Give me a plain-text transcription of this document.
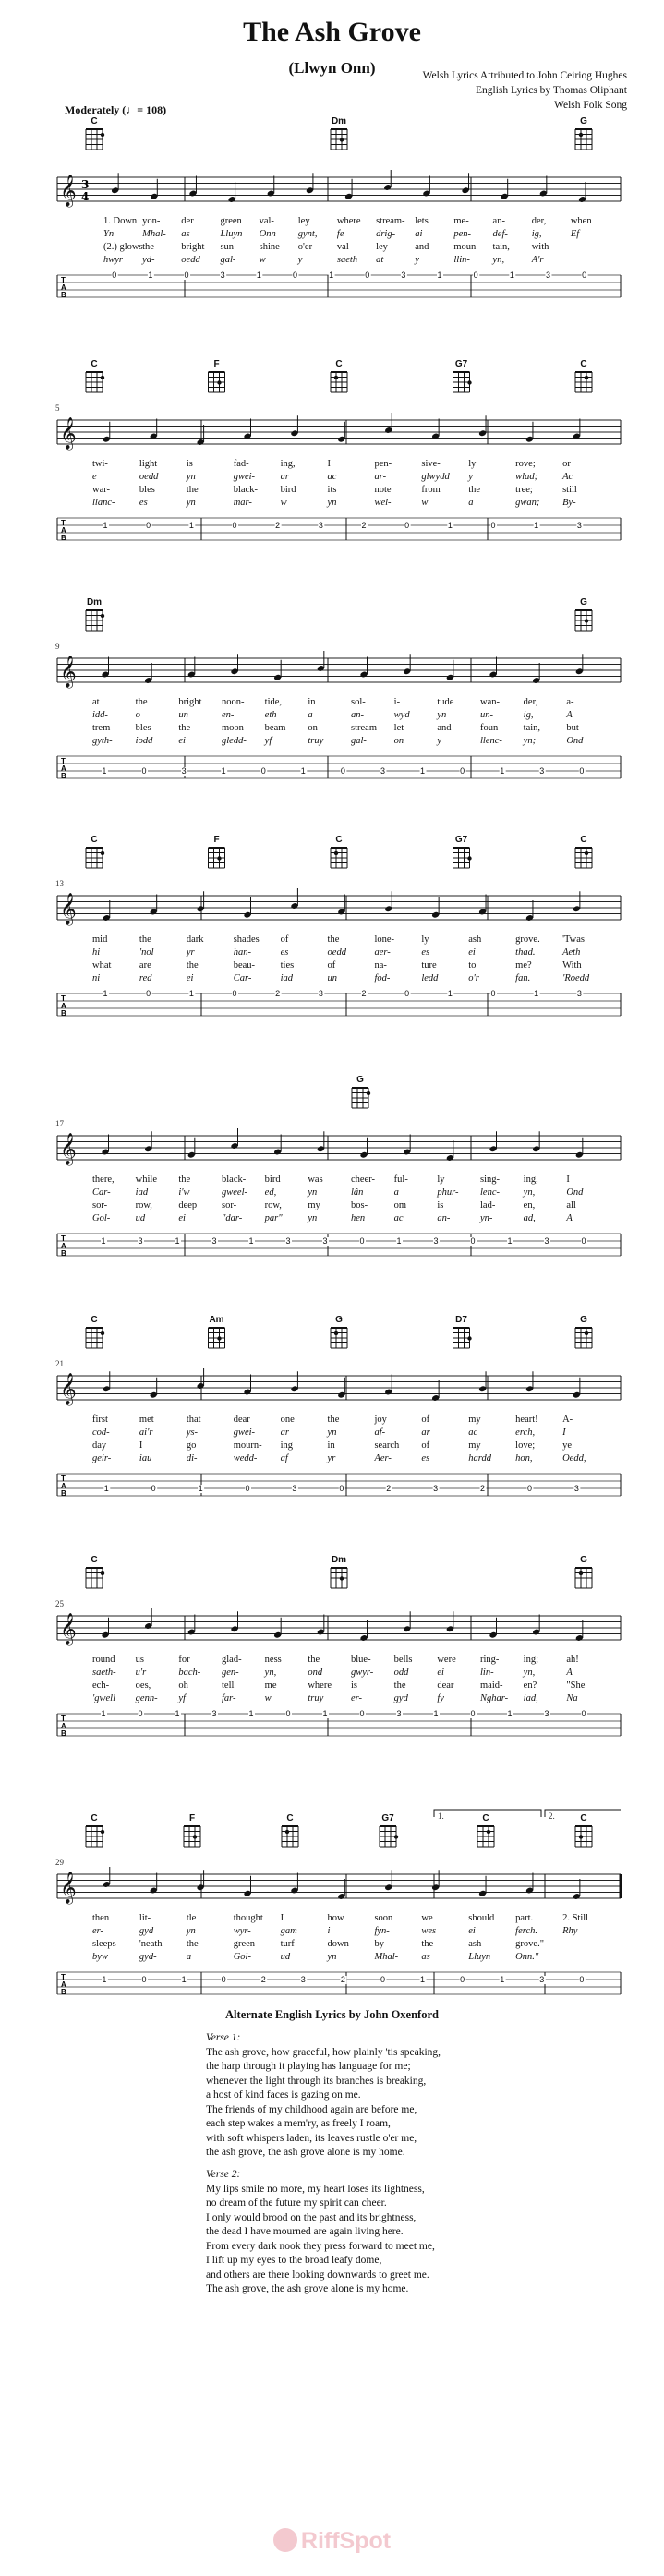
The Ash Grove
(Llwyn Onn)	Welsh Lyrics Attributed to John Ceiriog Hughes
English Lyrics by Thomas Oliphant
Welsh Folk Song
Moderately (♩= 108)
C	Dm	G
𝄞 3
4
1. Down yon- der	green val- ley	where stream- lets	me- an-	der,	when
Yn	Mhal- as	Lluyn Onn gynt, fe	drig- ai	pen- def- ig,	Ef
(2.) glows the	bright sun- shine o'er	val- ley	and	moun- tain, with
hwyr yd-	oedd gal- w	y	saeth at	y	llin- yn,	A'r
T
A
B
0	1	0	3	1	0	1	0	3	1	0	1	3	0
5
C	F	C	G7	C
𝄞
twi-	light	is	fad-	ing,	I	pen-	sive-	ly	rove;	or
e	oedd	yn	gwei-	ar	ac	ar-	glwydd y	wlad;	Ac
war-	bles	the	black- bird	its	note	from	the	tree;	still
llanc-	es	yn	mar-	w	yn	wel-	w	a	gwan; By-
T
A
B
1	0	1	0	2	3	2	0	1	0	1	3
9
Dm	G
𝄞
at	the	bright noon- tide,	in	sol-	i-	tude	wan- der,	a-
idd-	o	un	en-	eth	a	an-	wyd	yn	un-	ig,	A
trem- bles	the	moon- beam on	stream- let	and	foun- tain,	but
gyth- iodd	ei	gledd- yf	truy	gal-	on	y	llenc- yn;	Ond
T
A
B
1	0	3	1	0	1	0	3	1	0	1	3	0
13
C	F	C	G7	C
𝄞
mid	the	dark	shades of	the	lone-	ly	ash	grove. 'Twas
hi	'nol	yr	han-	es	oedd	aer-	es	ei	thad.	Aeth
what	are	the	beau-	ties	of	na-	ture	to	me?	With
ni	red	ei	Car-	iad	un	fod-	ledd	o'r	fan.	'Roedd
T
A
B
1	0	1	0	2	3	2	0	1	0	1	3
17
G
𝄞
there, while the	black- bird	was	cheer- ful-	ly	sing- ing,	I
Car-	iad	i'w	gweel- ed,	yn	lân	a	phur- lenc- yn,	Ond
sor-	row,	deep	sor-	row,	my	bos-	om	is	lad-	en,	all
Gol-	ud	ei	"dar- par"	yn	hen	ac	an-	yn-	ad,	A
T
A
B
1	3	1	3	1	3	3	0	1	3	0	1	3	0
21
C	Am	G	D7	G
𝄞
first	met	that	dear	one	the	joy	of	my	heart!	A-
cod-	ai'r	ys-	gwei-	ar	yn	af-	ar	ac	erch,	I
day	I	go	mourn- ing	in	search of	my	love;	ye
geir-	iau	di-	wedd- af	yr	Aer-	es	hardd hon,	Oedd,
T
A
B
1	0	1	0	3	0	2	3	2	0	3
25
C	Dm	G
𝄞
round us	for	glad- ness	the	blue- bells	were	ring- ing;	ah!
saeth- u'r	bach- gen-	yn,	ond	gwyr- odd	ei	lin-	yn,	A
ech-	oes,	oh	tell	me	where is	the	dear	maid- en?	"She
'gwell genn- yf	far-	w	truy	er-	gyd	fy	Nghar- iad,	Na
T
A
B
1	0	1	3	1	0	1	0	3	1	0	1	3	0
29
C	F	C	G7	C	C
1.	2.
𝄞
then	lit-	tle	thought I	how	soon	we	should part.	2. Still
er-	gyd	yn	wyr-	gam	i	fyn-	wes	ei	ferch.	Rhy
sleeps 'neath	the	green	turf	down	by	the	ash	grove."
byw	gyd-	a	Gol-	ud	yn	Mhal- as	Lluyn	Onn."
T
A
B
1	0	1	0	2	3	2	0	1	0	1	3	0
Alternate English Lyrics by John Oxenford
Verse 1:
The ash grove, how graceful, how plainly 'tis speaking,
the harp through it playing has language for me;
whenever the light through its branches is breaking,
a host of kind faces is gazing on me.
The friends of my childhood again are before me,
each step wakes a mem'ry, as freely I roam,
with soft whispers laden, its leaves rustle o'er me,
the ash grove, the ash grove alone is my home.
Verse 2:
My lips smile no more, my heart loses its lightness,
no dream of the future my spirit can cheer.
I only would brood on the past and its brightness,
the dead I have mourned are again living here.
From every dark nook they press forward to meet me,
I lift up my eyes to the broad leafy dome,
and others are there looking downwards to greet me.
The ash grove, the ash grove alone is my home.
RiffSpot
